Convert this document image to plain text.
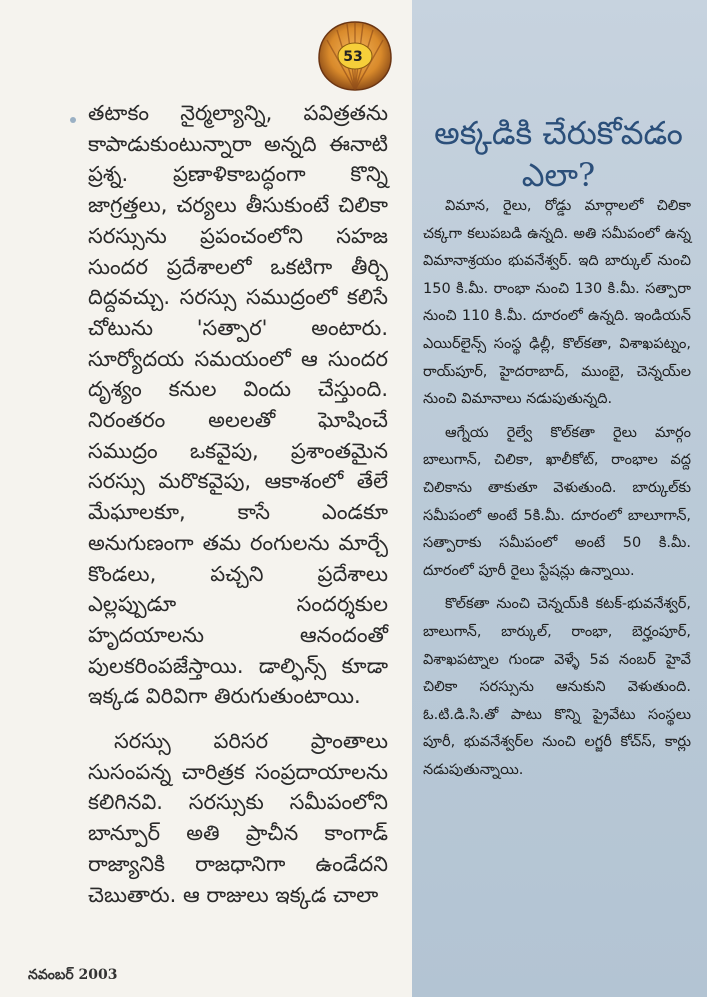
తటాకం నైర్మల్యాన్ని, పవిత్రతను కాపాడుకుంటున్నారా అన్నది ఈనాటి ప్రశ్న. ప్రణాళికాబద్ధంగా కొన్ని జాగ్రత్తలు, చర్యలు తీసుకుంటే చిలికా సరస్సును ప్రపంచంలోని సహజ సుందర ప్రదేశాలలో ఒకటిగా తీర్చి దిద్దవచ్చు. సరస్సు సముద్రంలో కలిసే చోటును 'సత్పార' అంటారు. సూర్యోదయ సమయంలో ఆ సుందర దృశ్యం కనుల విందు చేస్తుంది. నిరంతరం అలలతో ఘోషించే సముద్రం ఒకవైపు, ప్రశాంతమైన సరస్సు మరొకవైపు, ఆకాశంలో తేలే మేఘాలకూ, కాసే ఎండకూ అనుగుణంగా తమ రంగులను మార్చే కొండలు, పచ్చని ప్రదేశాలు ఎల్లప్పుడూ సందర్శకుల హృదయాలను ఆనందంతో పులకరింపజేస్తాయి. డాల్ఫిన్స్ కూడా ఇక్కడ విరివిగా తిరుగుతుంటాయి.

సరస్సు పరిసర ప్రాంతాలు సుసంపన్న చారిత్రక సంప్రదాయాలను కలిగినవి. సరస్సుకు సమీపంలోని బాన్పూర్ అతి ప్రాచీన కాంగాడ్ రాజ్యానికి రాజధానిగా ఉండేదని చెబుతారు. ఆ రాజులు ఇక్కడ చాలా

53
అక్కడికి చేరుకోవడం ఎలా?

విమాన, రైలు, రోడ్డు మార్గాలలో చిలికా చక్కగా కలుపబడి ఉన్నది. అతి సమీపంలో ఉన్న విమానాశ్రయం భువనేశ్వర్. ఇది బార్కుల్ నుంచి 150 కి.మీ. రాంభా నుంచి 130 కి.మీ. సత్పారా నుంచి 110 కి.మీ. దూరంలో ఉన్నది. ఇండియన్ ఎయిర్‌లైన్స్ సంస్థ ఢిల్లీ, కొల్‌కతా, విశాఖపట్నం, రాయ్‌పూర్, హైదరాబాద్, ముంబై, చెన్నయ్‌ల నుంచి విమానాలు నడుపుతున్నది.

ఆగ్నేయ రైల్వే కొల్‌కతా రైలు మార్గం బాలుగాన్, చిలికా, ఖాలీకోట్, రాంభాల వద్ద చిలికాను తాకుతూ వెళుతుంది. బార్కుల్‌కు సమీపంలో అంటే 5కి.మీ. దూరంలో బాలూగాన్, సత్పారాకు సమీపంలో అంటే 50 కి.మీ. దూరంలో పూరీ రైలు స్టేషన్లు ఉన్నాయి.

కొల్‌కతా నుంచి చెన్నయ్‌కి కటక్-భువనేశ్వర్, బాలుగాన్, బార్కుల్, రాంభా, బెర్హంపూర్, విశాఖపట్నాల గుండా వెళ్ళే 5వ నంబర్ హైవే చిలికా సరస్సును ఆనుకుని వెళుతుంది. ఓ.టి.డి.సి.తో పాటు కొన్ని ప్రైవేటు సంస్థలు పూరీ, భువనేశ్వర్‌ల నుంచి లగ్జరీ కోచ్‌స్, కార్లు నడుపుతున్నాయి.

నవంబర్ 2003
